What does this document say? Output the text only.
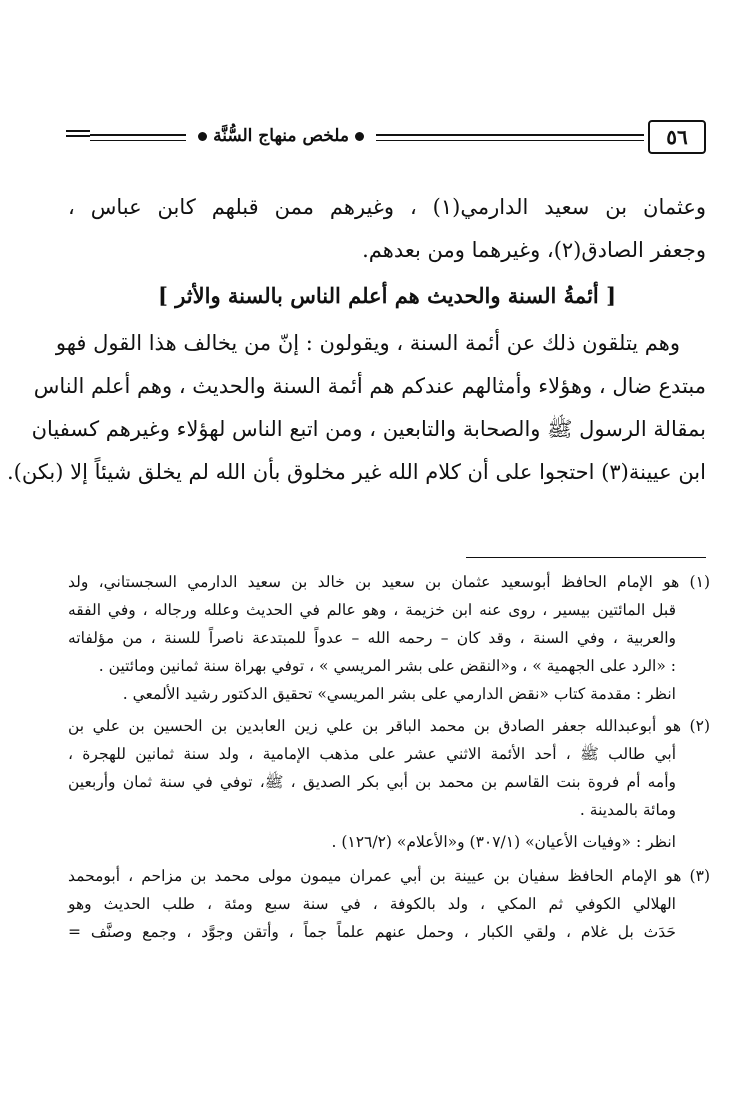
ملخص منهاج السُّنَّة	٥٦
وعثمان بن سعيد الدارمي(١) ، وغيرهم ممن قبلهم كابن عباس ،
وجعفر الصادق(٢)، وغيرهما ومن بعدهم.
[ أئمةُ السنة والحديث هم أعلم الناس بالسنة والأثر ]
وهم يتلقون ذلك عن أئمة السنة ، ويقولون : إنّ من يخالف هذا القول فهو
مبتدع ضال ، وهؤلاء وأمثالهم عندكم هم أئمة السنة والحديث ، وهم أعلم الناس
بمقالة الرسول ﷺ والصحابة والتابعين ، ومن اتبع الناس لهؤلاء وغيرهم كسفيان
ابن عيينة(٣) احتجوا على أن كلام الله غير مخلوق بأن الله لم يخلق شيئاً إلا (بكن).
(١) هو الإمام الحافظ أبوسعيد عثمان بن سعيد بن خالد بن سعيد الدارمي السجستاني، ولد
قبل المائتين بيسير ، روى عنه ابن خزيمة ، وهو عالم في الحديث وعلله ورجاله ، وفي الفقه
والعربية ، وفي السنة ، وقد كان – رحمه الله – عدواً للمبتدعة ناصراً للسنة ، من مؤلفاته
: «الرد على الجهمية » ، و«النقض على بشر المريسي » ، توفي بهراة سنة ثمانين ومائتين .
انظر : مقدمة كتاب «نقض الدارمي على بشر المريسي» تحقيق الدكتور رشيد الألمعي .
(٢) هو أبوعبدالله جعفر الصادق بن محمد الباقر بن علي زين العابدين بن الحسين بن علي بن
أبي طالب ﷺ ، أحد الأئمة الاثني عشر على مذهب الإمامية ، ولد سنة ثمانين للهجرة ،
وأمه أم فروة بنت القاسم بن محمد بن أبي بكر الصديق ، ﷺ، توفي في سنة ثمان وأربعين
ومائة بالمدينة .
انظر : «وفيات الأعيان» (٣٠٧/١) و«الأعلام» (١٢٦/٢) .
(٣) هو الإمام الحافظ سفيان بن عيينة بن أبي عمران ميمون مولى محمد بن مزاحم ، أبومحمد
الهلالي الكوفي ثم المكي ، ولد بالكوفة ، في سنة سبع ومئة ، طلب الحديث وهو
حَدَث بل غلام ، ولقي الكبار ، وحمل عنهم علماً جماً ، وأتقن وجوَّد ، وجمع وصنَّف =
